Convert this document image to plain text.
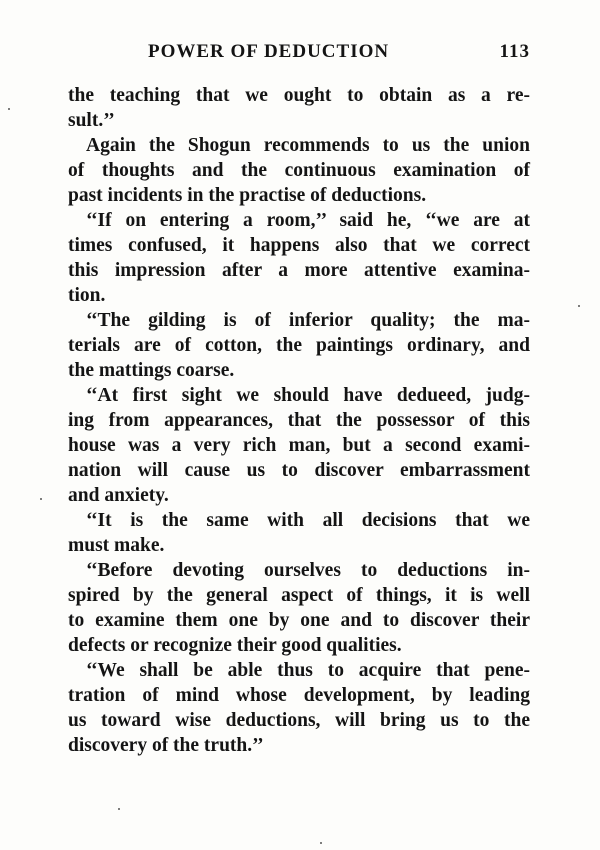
POWER OF DEDUCTION	113
the teaching that we ought to obtain as a re-
sult.’’
Again the Shogun recommends to us the union
of thoughts and the continuous examination of
past incidents in the practise of deductions.
‘‘If on entering a room,’’ said he, ‘‘we are at
times confused, it happens also that we correct
this impression after a more attentive examina-
tion.
‘‘The gilding is of inferior quality; the ma-
terials are of cotton, the paintings ordinary, and
the mattings coarse.
‘‘At first sight we should have dedueed, judg-
ing from appearances, that the possessor of this
house was a very rich man, but a second exami-
nation will cause us to discover embarrassment
and anxiety.
‘‘It is the same with all decisions that we
must make.
‘‘Before devoting ourselves to deductions in-
spired by the general aspect of things, it is well
to examine them one by one and to discover their
defects or recognize their good qualities.
‘‘We shall be able thus to acquire that pene-
tration of mind whose development, by leading
us toward wise deductions, will bring us to the
discovery of the truth.’’
